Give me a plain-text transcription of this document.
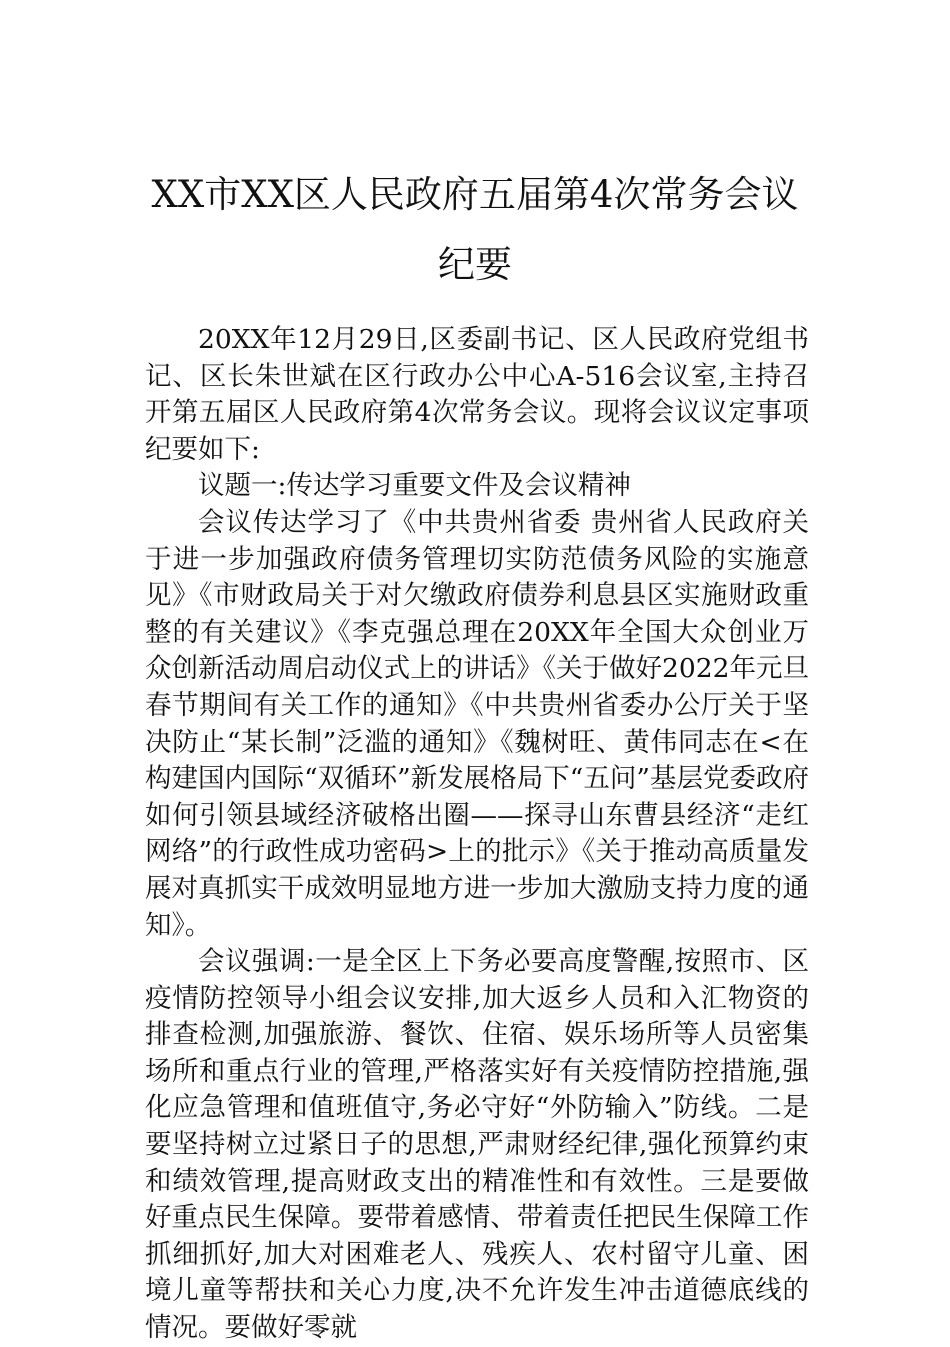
XX市XX区人民政府五届第4次常务会议
纪要

20XX年12月29日,区委副书记、区人民政府党组书记、区长朱世斌在区行政办公中心A-516会议室,主持召开第五届区人民政府第4次常务会议。现将会议议定事项纪要如下:

议题一:传达学习重要文件及会议精神

会议传达学习了《中共贵州省委 贵州省人民政府关于进一步加强政府债务管理切实防范债务风险的实施意见》《市财政局关于对欠缴政府债券利息县区实施财政重整的有关建议》《李克强总理在20XX年全国大众创业万众创新活动周启动仪式上的讲话》《关于做好2022年元旦春节期间有关工作的通知》《中共贵州省委办公厅关于坚决防止“某长制”泛滥的通知》《魏树旺、黄伟同志在<在构建国内国际“双循环”新发展格局下“五问”基层党委政府如何引领县域经济破格出圈——探寻山东曹县经济“走红网络”的行政性成功密码>上的批示》《关于推动高质量发展对真抓实干成效明显地方进一步加大激励支持力度的通知》。

会议强调:一是全区上下务必要高度警醒,按照市、区疫情防控领导小组会议安排,加大返乡人员和入汇物资的排查检测,加强旅游、餐饮、住宿、娱乐场所等人员密集场所和重点行业的管理,严格落实好有关疫情防控措施,强化应急管理和值班值守,务必守好“外防输入”防线。二是要坚持树立过紧日子的思想,严肃财经纪律,强化预算约束和绩效管理,提高财政支出的精准性和有效性。三是要做好重点民生保障。要带着感情、带着责任把民生保障工作抓细抓好,加大对困难老人、残疾人、农村留守儿童、困境儿童等帮扶和关心力度,决不允许发生冲击道德底线的情况。要做好零就
